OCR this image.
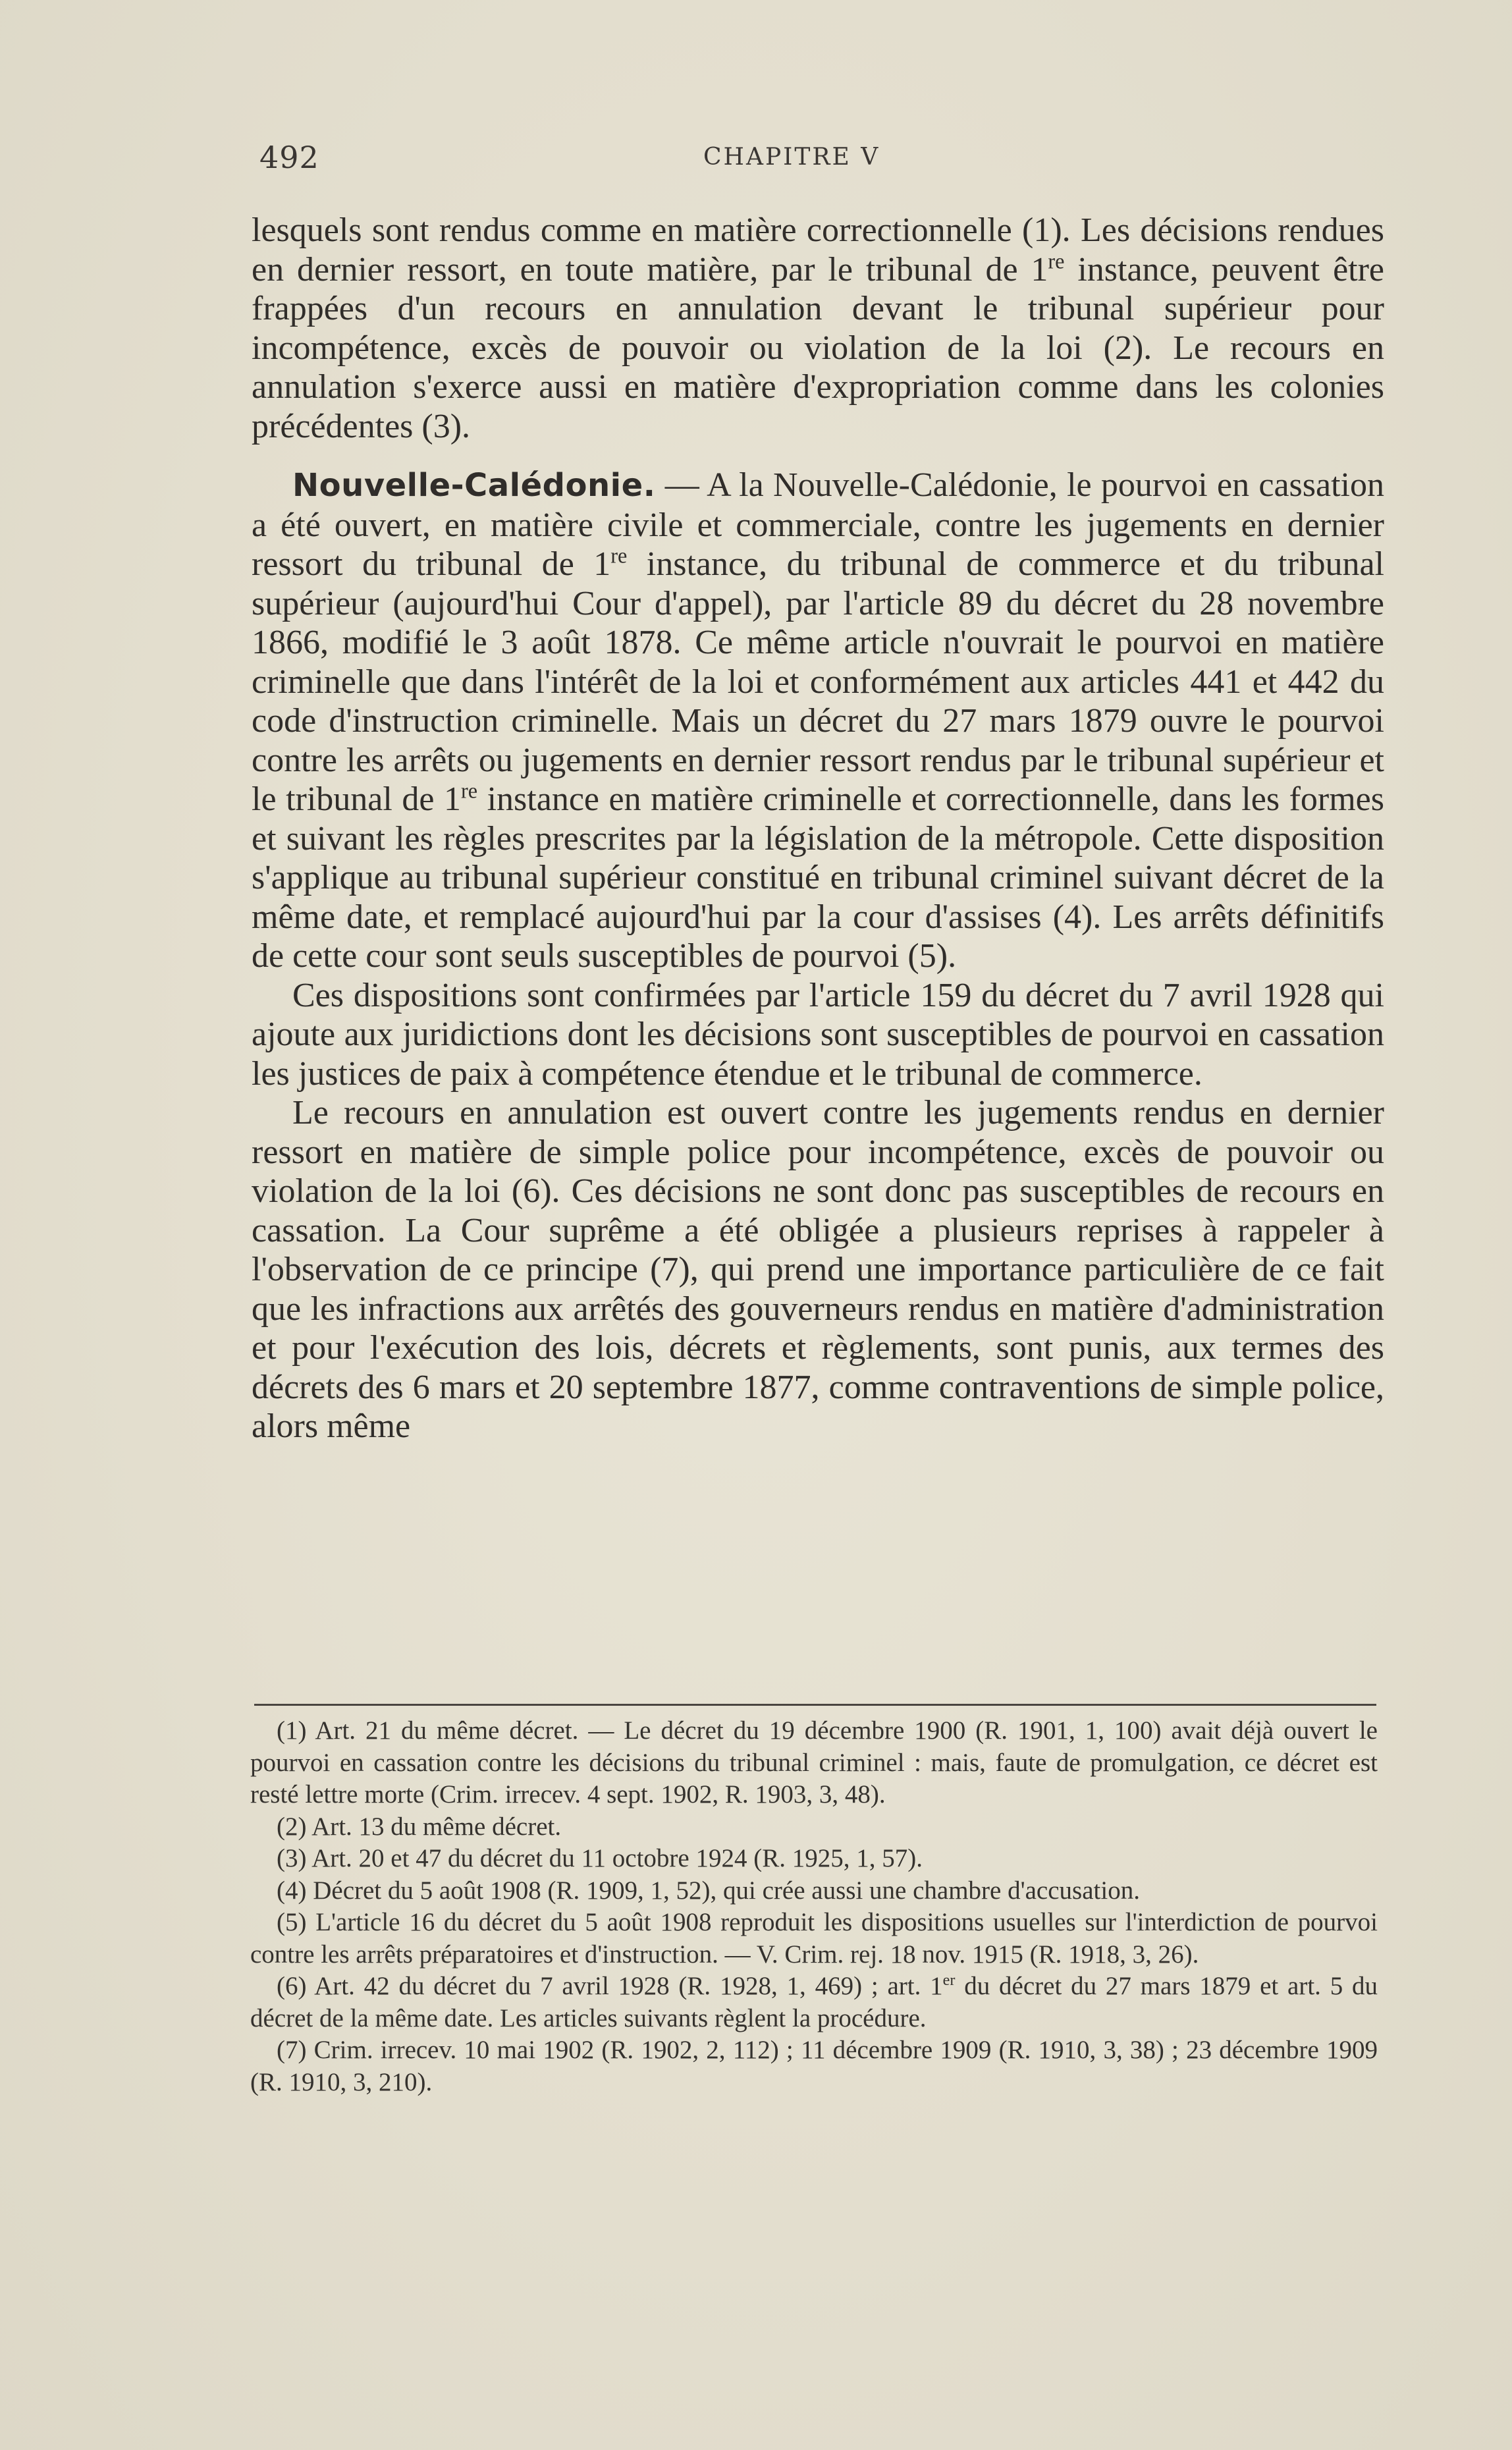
492	CHAPITRE V

lesquels sont rendus comme en matière correctionnelle (1). Les décisions rendues en dernier ressort, en toute matière, par le tribunal de 1re instance, peuvent être frappées d'un recours en annulation devant le tribunal supérieur pour incompétence, excès de pouvoir ou violation de la loi (2). Le recours en annulation s'exerce aussi en matière d'expropriation comme dans les colonies précédentes (3).

Nouvelle-Calédonie. — A la Nouvelle-Calédonie, le pourvoi en cassation a été ouvert, en matière civile et commerciale, contre les jugements en dernier ressort du tribunal de 1re instance, du tribunal de commerce et du tribunal supérieur (aujourd'hui Cour d'appel), par l'article 89 du décret du 28 novembre 1866, modifié le 3 août 1878. Ce même article n'ouvrait le pourvoi en matière criminelle que dans l'intérêt de la loi et conformément aux articles 441 et 442 du code d'instruction criminelle. Mais un décret du 27 mars 1879 ouvre le pourvoi contre les arrêts ou jugements en dernier ressort rendus par le tribunal supérieur et le tribunal de 1re instance en matière criminelle et correctionnelle, dans les formes et suivant les règles prescrites par la législation de la métropole. Cette disposition s'applique au tribunal supérieur constitué en tribunal criminel suivant décret de la même date, et remplacé aujourd'hui par la cour d'assises (4). Les arrêts définitifs de cette cour sont seuls susceptibles de pourvoi (5).

Ces dispositions sont confirmées par l'article 159 du décret du 7 avril 1928 qui ajoute aux juridictions dont les décisions sont susceptibles de pourvoi en cassation les justices de paix à compétence étendue et le tribunal de commerce.

Le recours en annulation est ouvert contre les jugements rendus en dernier ressort en matière de simple police pour incompétence, excès de pouvoir ou violation de la loi (6). Ces décisions ne sont donc pas susceptibles de recours en cassation. La Cour suprême a été obligée a plusieurs reprises à rappeler à l'observation de ce principe (7), qui prend une importance particulière de ce fait que les infractions aux arrêtés des gouverneurs rendus en matière d'administration et pour l'exécution des lois, décrets et règlements, sont punis, aux termes des décrets des 6 mars et 20 septembre 1877, comme contraventions de simple police, alors même

(1) Art. 21 du même décret. — Le décret du 19 décembre 1900 (R. 1901, 1, 100) avait déjà ouvert le pourvoi en cassation contre les décisions du tribunal criminel : mais, faute de promulgation, ce décret est resté lettre morte (Crim. irrecev. 4 sept. 1902, R. 1903, 3, 48).

(2) Art. 13 du même décret.

(3) Art. 20 et 47 du décret du 11 octobre 1924 (R. 1925, 1, 57).

(4) Décret du 5 août 1908 (R. 1909, 1, 52), qui crée aussi une chambre d'accusation.

(5) L'article 16 du décret du 5 août 1908 reproduit les dispositions usuelles sur l'interdiction de pourvoi contre les arrêts préparatoires et d'instruction. — V. Crim. rej. 18 nov. 1915 (R. 1918, 3, 26).

(6) Art. 42 du décret du 7 avril 1928 (R. 1928, 1, 469) ; art. 1er du décret du 27 mars 1879 et art. 5 du décret de la même date. Les articles suivants règlent la procédure.

(7) Crim. irrecev. 10 mai 1902 (R. 1902, 2, 112) ; 11 décembre 1909 (R. 1910, 3, 38) ; 23 décembre 1909 (R. 1910, 3, 210).
